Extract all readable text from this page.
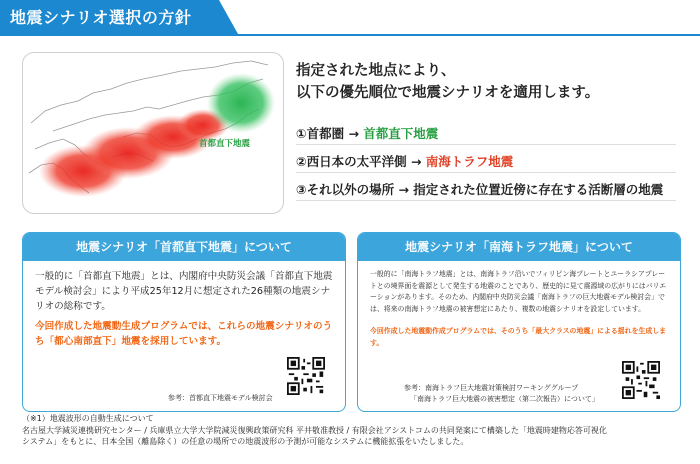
地震シナリオ選択の方針
首都直下地震
南海トラフ地震
指定された地点により、
以下の優先順位で地震シナリオを適用します。
①首都圏 → 首都直下地震
②西日本の太平洋側 → 南海トラフ地震
③それ以外の場所 → 指定された位置近傍に存在する活断層の地震
地震シナリオ「首都直下地震」について
一般的に「首都直下地震」とは、内閣府中央防災会議「首都直下地震モデル検討会」により平成25年12月に想定された26種類の地震シナリオの総称です。
今回作成した地震動生成プログラムでは、これらの地震シナリオのうち「都心南部直下」地震を採用しています。
参考：首都直下地震モデル検討会
地震シナリオ「南海トラフ地震」について
一般的に「南海トラフ地震」とは、南海トラフ沿いでフィリピン海プレートとユーラシアプレートとの境界面を震源として発生する地震のことであり、歴史的に見て震源域の広がりにはバリエーションがあります。そのため、内閣府中央防災会議「南海トラフの巨大地震モデル検討会」では、将来の南海トラフ地震の被害想定にあたり、複数の地震シナリオを設定しています。
今回作成した地震動作成プログラムでは、そのうち「最大クラスの地震」による揺れを生成します。
参考：南海トラフ巨大地震対策検討ワーキンググループ
「南海トラフ巨大地震の被害想定（第二次報告）について」
（※1）地震波形の自動生成について
名古屋大学減災連携研究センター / 兵庫県立大学大学院減災復興政策研究科 平井敬准教授 / 有限会社アシストコムの共同発案にて構築した「地震時建物応答可視化
システム」をもとに、日本全国（離島除く）の任意の場所での地震波形の予測が可能なシステムに機能拡張をいたしました。
